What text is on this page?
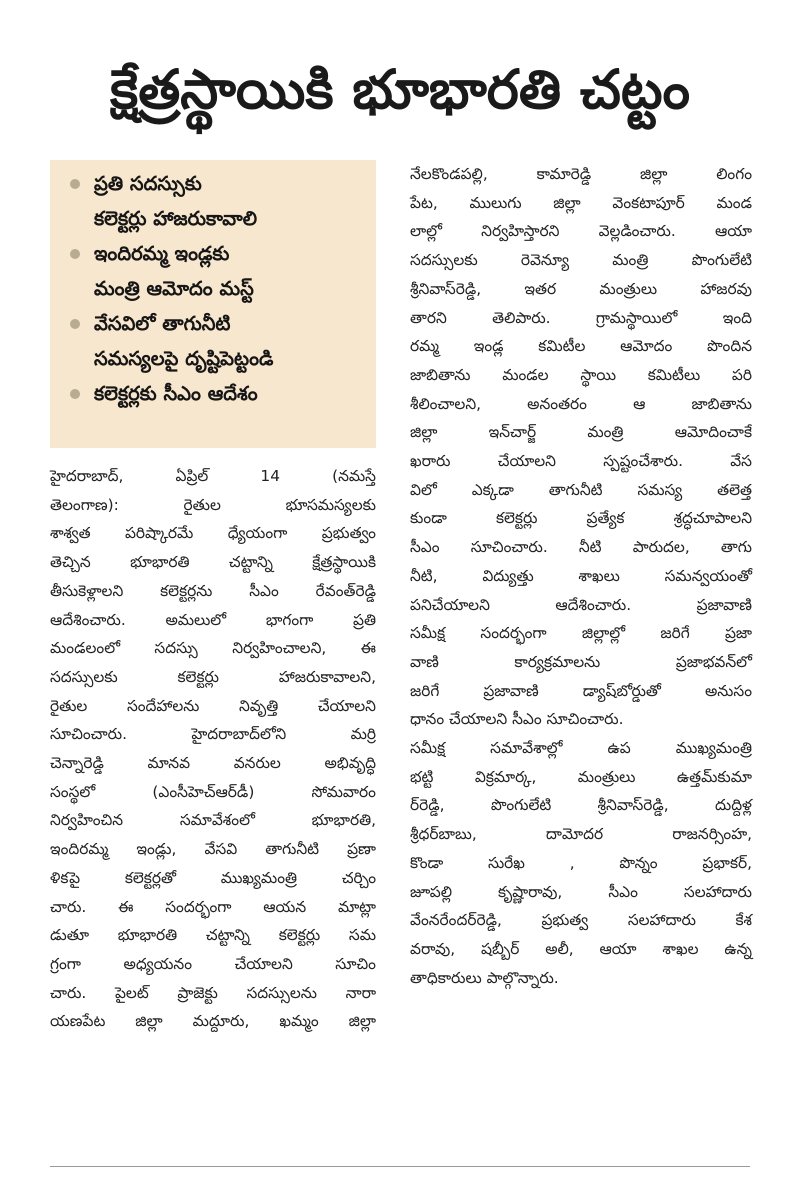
క్షేత్రస్థాయికి భూభారతి చట్టం
ప్రతి సదస్సుకు
కలెక్టర్లు హాజరుకావాలి
ఇందిరమ్మ ఇండ్లకు
మంత్రి ఆమోదం మస్ట్
వేసవిలో తాగునీటి
సమస్యలపై దృష్టిపెట్టండి
కలెక్టర్లకు సీఎం ఆదేశం
హైదరాబాద్, ఏప్రిల్ 14 (నమస్తే
తెలంగాణ): రైతుల భూసమస్యలకు
శాశ్వత పరిష్కారమే ధ్యేయంగా ప్రభుత్వం
తెచ్చిన భూభారతి చట్టాన్ని క్షేత్రస్థాయికి
తీసుకెళ్లాలని కలెక్టర్లను సీఎం రేవంత్‌రెడ్డి
ఆదేశించారు. అమలులో భాగంగా ప్రతి
మండలంలో సదస్సు నిర్వహించాలని, ఈ
సదస్సులకు కలెక్టర్లు హాజరుకావాలని,
రైతుల సందేహాలను నివృత్తి చేయాలని
సూచించారు. హైదరాబాద్‌లోని మర్రి
చెన్నారెడ్డి మానవ వనరుల అభివృద్ధి
సంస్థలో (ఎంసీహెచ్‌ఆర్‌డీ) సోమవారం
నిర్వహించిన సమావేశంలో భూభారతి,
ఇందిరమ్మ ఇండ్లు, వేసవి తాగునీటి ప్రణా
ళికపై కలెక్టర్లతో ముఖ్యమంత్రి చర్చిం
చారు. ఈ సందర్భంగా ఆయన మాట్లా
డుతూ భూభారతి చట్టాన్ని కలెక్టర్లు సమ
గ్రంగా అధ్యయనం చేయాలని సూచిం
చారు. పైలట్ ప్రాజెక్టు సదస్సులను నారా
యణపేట జిల్లా మద్దూరు, ఖమ్మం జిల్లా
నేలకొండపల్లి, కామారెడ్డి జిల్లా లింగం
పేట, ములుగు జిల్లా వెంకటాపూర్ మండ
లాల్లో నిర్వహిస్తారని వెల్లడించారు. ఆయా
సదస్సులకు రెవెన్యూ మంత్రి పొంగులేటి
శ్రీనివాస్‌రెడ్డి, ఇతర మంత్రులు హాజరవు
తారని తెలిపారు. గ్రామస్థాయిలో ఇంది
రమ్మ ఇండ్ల కమిటీల ఆమోదం పొందిన
జాబితాను మండల స్థాయి కమిటీలు పరి
శీలించాలని, అనంతరం ఆ జాబితాను
జిల్లా ఇన్‌చార్జ్ మంత్రి ఆమోదించాకే
ఖరారు చేయాలని స్పష్టంచేశారు. వేస
విలో ఎక్కడా తాగునీటి సమస్య తలెత్త
కుండా కలెక్టర్లు ప్రత్యేక శ్రద్ధచూపాలని
సీఎం సూచించారు. నీటి పారుదల, తాగు
నీటి, విద్యుత్తు శాఖలు సమన్వయంతో
పనిచేయాలని ఆదేశించారు. ప్రజావాణి
సమీక్ష సందర్భంగా జిల్లాల్లో జరిగే ప్రజా
వాణి కార్యక్రమాలను ప్రజాభవన్‌లో
జరిగే ప్రజావాణి డ్యాష్‌బోర్డుతో అనుసం
ధానం చేయాలని సీఎం సూచించారు.
సమీక్ష సమావేశాల్లో ఉప ముఖ్యమంత్రి
భట్టి విక్రమార్క, మంత్రులు ఉత్తమ్‌కుమా
ర్‌రెడ్డి, పొంగులేటి శ్రీనివాస్‌రెడ్డి, దుద్దిళ్ల
శ్రీధర్‌బాబు, దామోదర రాజనర్సింహ,
కొండా సురేఖ , పొన్నం ప్రభాకర్,
జూపల్లి కృష్ణారావు, సీఎం సలహాదారు
వేంనరేందర్‌రెడ్డి, ప్రభుత్వ సలహాదారు కేశ
వరావు, షబ్బీర్ అలీ, ఆయా శాఖల ఉన్న
తాధికారులు పాల్గొన్నారు.
